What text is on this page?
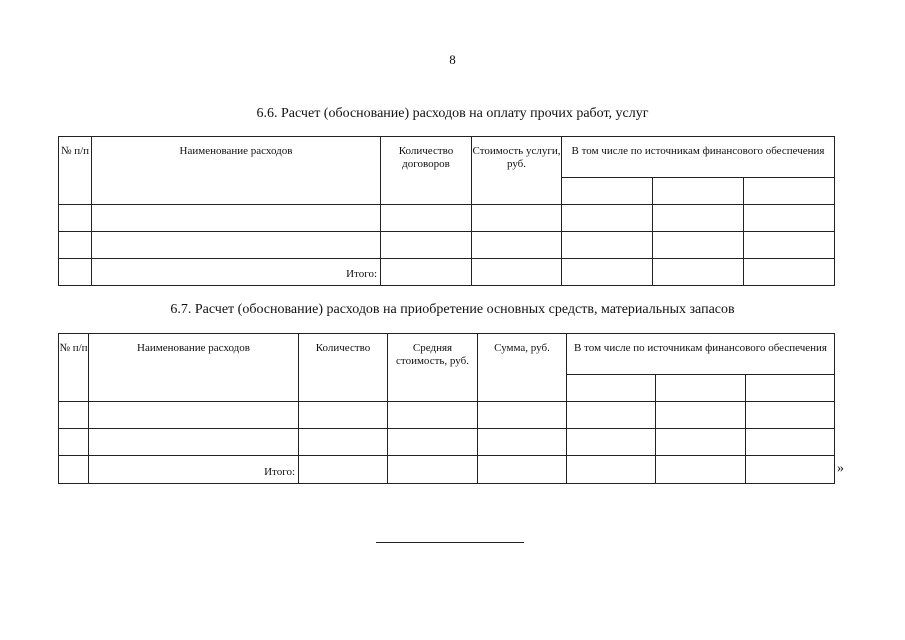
8
6.6. Расчет (обоснование) расходов на оплату прочих работ, услуг
№ п/п	Наименование расходов	Количество договоров	Стоимость услуги, руб.	В том числе по источникам финансового обеспечения		

	Итого:					
6.7. Расчет (обоснование) расходов на приобретение основных средств, материальных запасов
№ п/п	Наименование расходов	Количество	Средняя стоимость, руб.	Сумма, руб.	В том числе по источникам финансового обеспечения		

	Итого:							»
